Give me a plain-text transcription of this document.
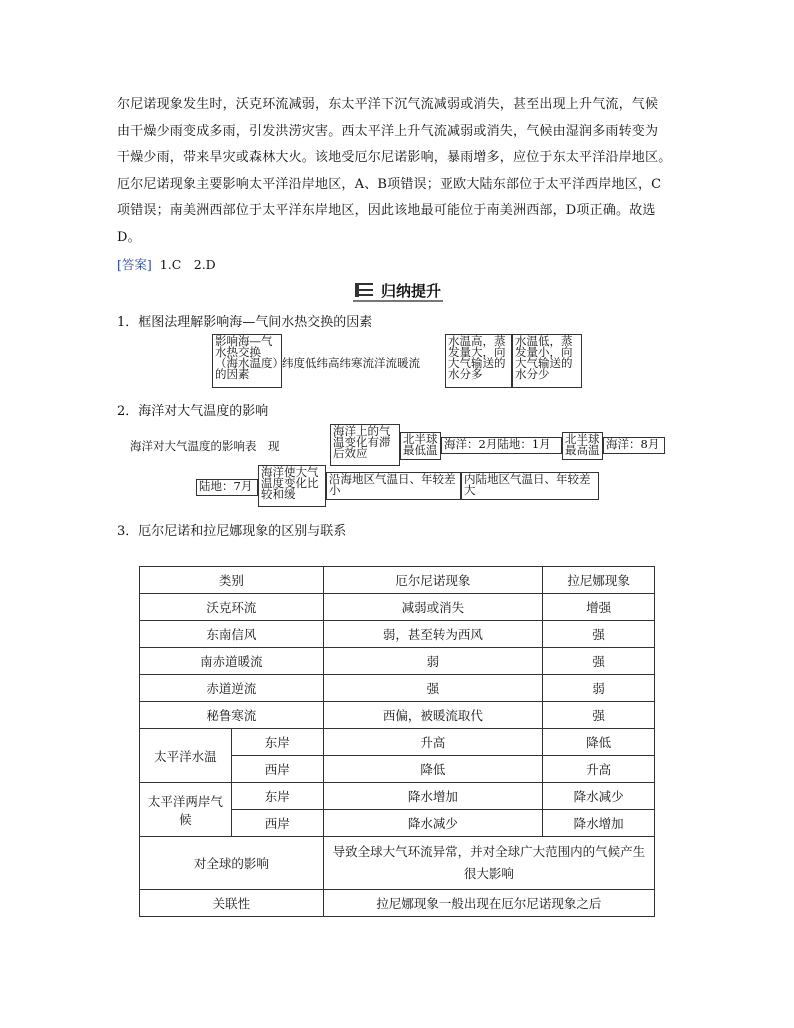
尔尼诺现象发生时，沃克环流减弱，东太平洋下沉气流减弱或消失，甚至出现上升气流，气候
由干燥少雨变成多雨，引发洪涝灾害。西太平洋上升气流减弱或消失，气候由湿润多雨转变为
干燥少雨，带来旱灾或森林大火。该地受厄尔尼诺影响，暴雨增多，应位于东太平洋沿岸地区。
厄尔尼诺现象主要影响太平洋沿岸地区，A、B项错误；亚欧大陆东部位于太平洋西岸地区，C
项错误；南美洲西部位于太平洋东岸地区，因此该地最可能位于南美洲西部，D项正确。故选
D。
[答案] 1.C　2.D
归纳提升
1．框图法理解影响海—气间水热交换的因素
影响海—气水热交换（海水温度）的因素
纬度低纬高纬寒流洋流暖流
水温高，蒸发量大，向大气输送的水分多
水温低，蒸发量小，向大气输送的水分少
2．海洋对大气温度的影响
海洋对大气温度的影响表　现
海洋上的气温变化有滞后效应
北半球最低温 海洋：2月陆地：1月	北半球最高温 海洋：8月
陆地：7月
海洋使大气温度变化比较和缓
沿海地区气温日、年较差小
内陆地区气温日、年较差大
3．厄尔尼诺和拉尼娜现象的区别与联系
类别		厄尔尼诺现象	拉尼娜现象
沃克环流		减弱或消失	增强
东南信风		弱，甚至转为西风	强
南赤道暖流		弱	强
赤道逆流		强	弱
秘鲁寒流		西偏，被暖流取代	强
太平洋水温	东岸	升高	降低
	西岸	降低	升高
太平洋两岸气候	东岸	降水增加	降水减少
	西岸	降水减少	降水增加
对全球的影响		导致全球大气环流异常，并对全球广大范围内的气候产生很大影响	
关联性		拉尼娜现象一般出现在厄尔尼诺现象之后	
